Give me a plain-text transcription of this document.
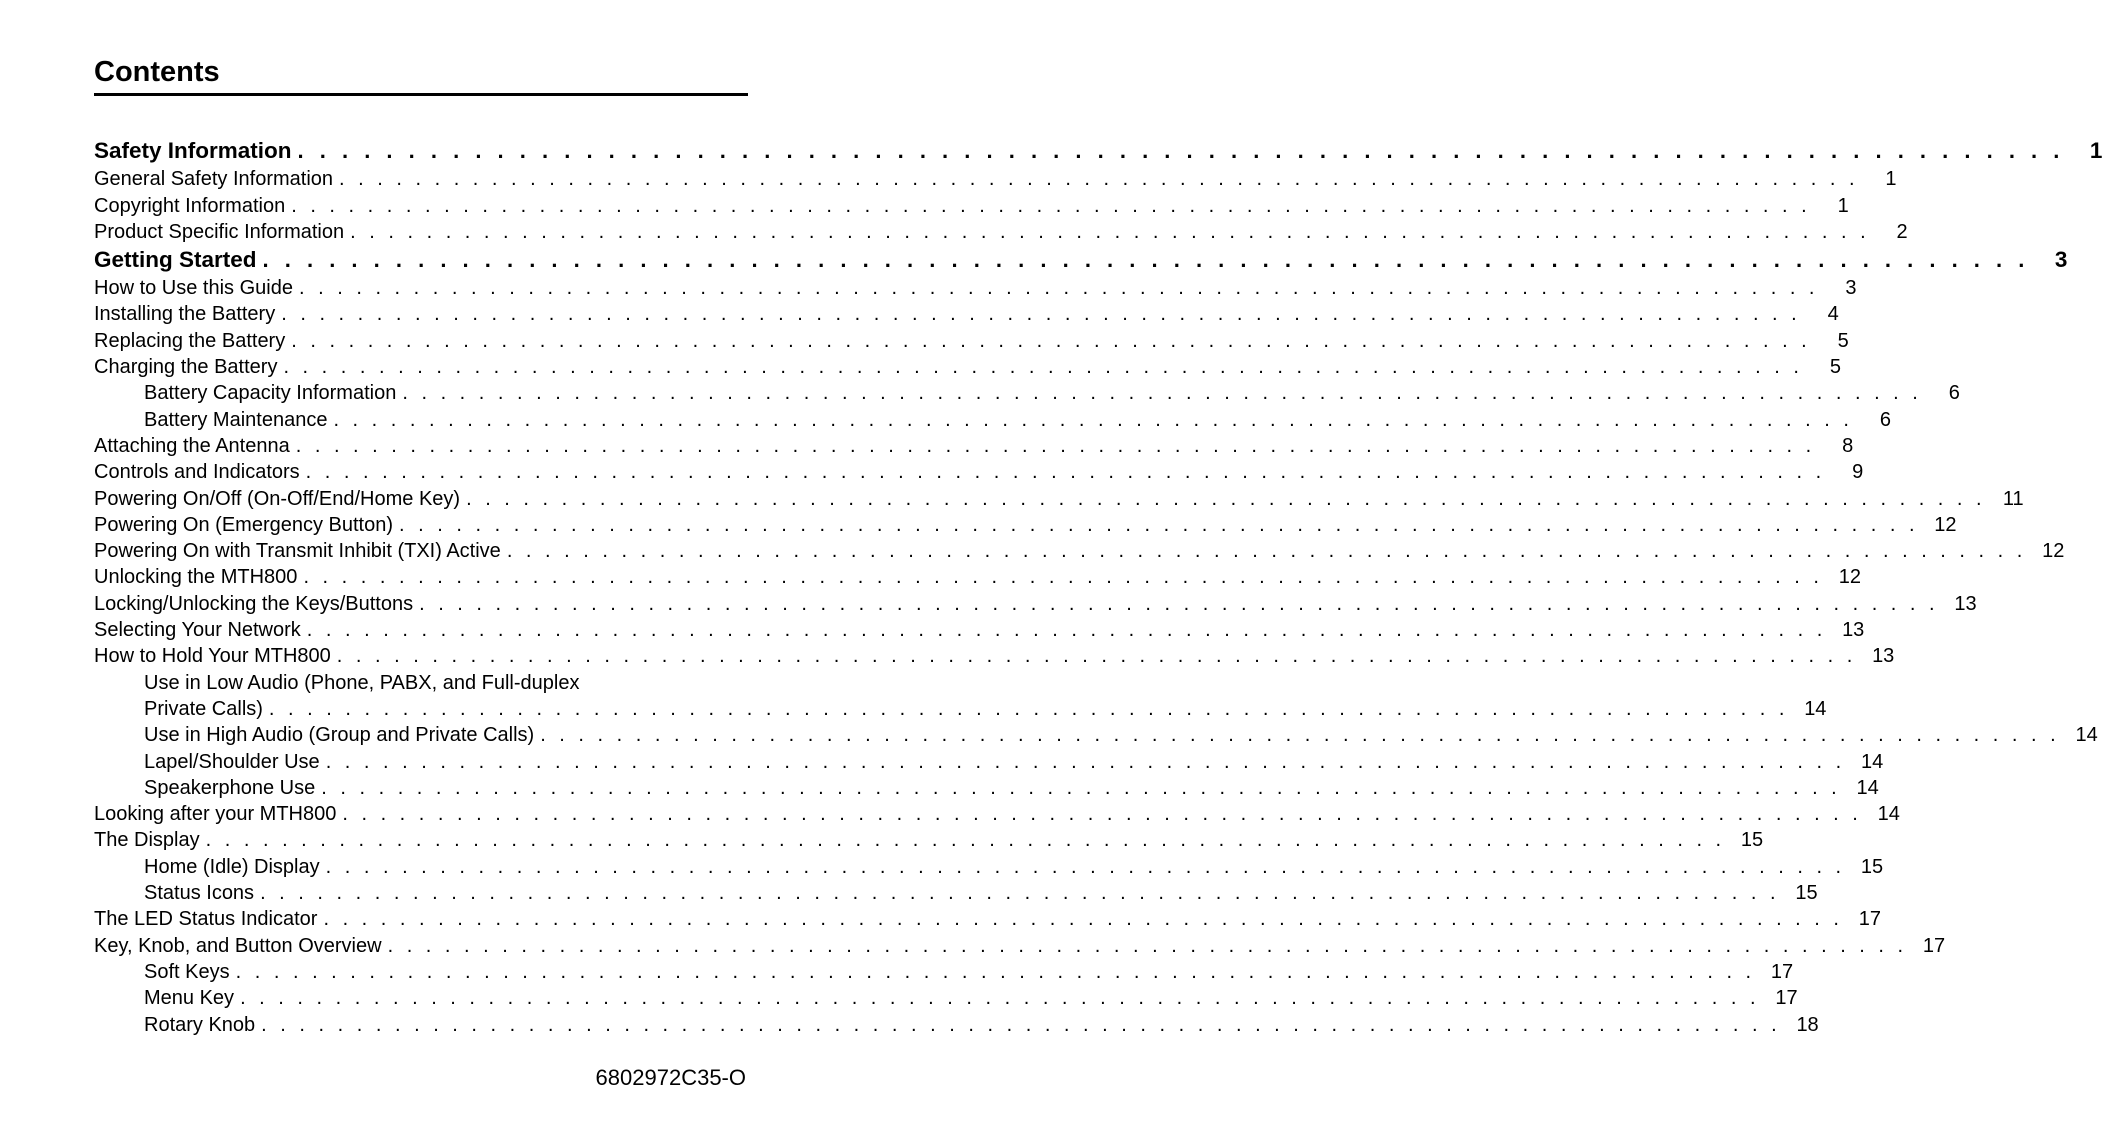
Contents
Safety Information . . . . . . . . . . . . . . . . . . . . . . . . . . . . . . . . . . . . . . . . . . . . . . . . . . . . . . . . . . . . . . . . . . . . . . . . . . . . . . . .	1
General Safety Information . . . . . . . . . . . . . . . . . . . . . . . . . . . . . . . . . . . . . . . . . . . . . . . . . . . . . . . . . . . . . . . . . . . . . . . . . . . . . . . .	1
Copyright Information . . . . . . . . . . . . . . . . . . . . . . . . . . . . . . . . . . . . . . . . . . . . . . . . . . . . . . . . . . . . . . . . . . . . . . . . . . . . . . . .	1
Product Specific Information . . . . . . . . . . . . . . . . . . . . . . . . . . . . . . . . . . . . . . . . . . . . . . . . . . . . . . . . . . . . . . . . . . . . . . . . . . . . . . . .	2
Getting Started . . . . . . . . . . . . . . . . . . . . . . . . . . . . . . . . . . . . . . . . . . . . . . . . . . . . . . . . . . . . . . . . . . . . . . . . . . . . . . . .	3
How to Use this Guide . . . . . . . . . . . . . . . . . . . . . . . . . . . . . . . . . . . . . . . . . . . . . . . . . . . . . . . . . . . . . . . . . . . . . . . . . . . . . . . .	3
Installing the Battery . . . . . . . . . . . . . . . . . . . . . . . . . . . . . . . . . . . . . . . . . . . . . . . . . . . . . . . . . . . . . . . . . . . . . . . . . . . . . . . .	4
Replacing the Battery . . . . . . . . . . . . . . . . . . . . . . . . . . . . . . . . . . . . . . . . . . . . . . . . . . . . . . . . . . . . . . . . . . . . . . . . . . . . . . . .	5
Charging the Battery . . . . . . . . . . . . . . . . . . . . . . . . . . . . . . . . . . . . . . . . . . . . . . . . . . . . . . . . . . . . . . . . . . . . . . . . . . . . . . . .	5
Battery Capacity Information . . . . . . . . . . . . . . . . . . . . . . . . . . . . . . . . . . . . . . . . . . . . . . . . . . . . . . . . . . . . . . . . . . . . . . . . . . . . . . . .	6
Battery Maintenance . . . . . . . . . . . . . . . . . . . . . . . . . . . . . . . . . . . . . . . . . . . . . . . . . . . . . . . . . . . . . . . . . . . . . . . . . . . . . . . .	6
Attaching the Antenna . . . . . . . . . . . . . . . . . . . . . . . . . . . . . . . . . . . . . . . . . . . . . . . . . . . . . . . . . . . . . . . . . . . . . . . . . . . . . . . .	8
Controls and Indicators . . . . . . . . . . . . . . . . . . . . . . . . . . . . . . . . . . . . . . . . . . . . . . . . . . . . . . . . . . . . . . . . . . . . . . . . . . . . . . . .	9
Powering On/Off (On-Off/End/Home Key) . . . . . . . . . . . . . . . . . . . . . . . . . . . . . . . . . . . . . . . . . . . . . . . . . . . . . . . . . . . . . . . . . . . . . . . . . . . . . . . . 11
Powering On (Emergency Button) . . . . . . . . . . . . . . . . . . . . . . . . . . . . . . . . . . . . . . . . . . . . . . . . . . . . . . . . . . . . . . . . . . . . . . . . . . . . . . . . 12
Powering On with Transmit Inhibit (TXI) Active . . . . . . . . . . . . . . . . . . . . . . . . . . . . . . . . . . . . . . . . . . . . . . . . . . . . . . . . . . . . . . . . . . . . . . . . . . . . . . . . 12
Unlocking the MTH800 . . . . . . . . . . . . . . . . . . . . . . . . . . . . . . . . . . . . . . . . . . . . . . . . . . . . . . . . . . . . . . . . . . . . . . . . . . . . . . . . 12
Locking/Unlocking the Keys/Buttons . . . . . . . . . . . . . . . . . . . . . . . . . . . . . . . . . . . . . . . . . . . . . . . . . . . . . . . . . . . . . . . . . . . . . . . . . . . . . . . . 13
Selecting Your Network . . . . . . . . . . . . . . . . . . . . . . . . . . . . . . . . . . . . . . . . . . . . . . . . . . . . . . . . . . . . . . . . . . . . . . . . . . . . . . . . 13
How to Hold Your MTH800 . . . . . . . . . . . . . . . . . . . . . . . . . . . . . . . . . . . . . . . . . . . . . . . . . . . . . . . . . . . . . . . . . . . . . . . . . . . . . . . . 13
Use in Low Audio (Phone, PABX, and Full-duplex
Private Calls) . . . . . . . . . . . . . . . . . . . . . . . . . . . . . . . . . . . . . . . . . . . . . . . . . . . . . . . . . . . . . . . . . . . . . . . . . . . . . . . . 14
Use in High Audio (Group and Private Calls) . . . . . . . . . . . . . . . . . . . . . . . . . . . . . . . . . . . . . . . . . . . . . . . . . . . . . . . . . . . . . . . . . . . . . . . . . . . . . . . . 14
Lapel/Shoulder Use . . . . . . . . . . . . . . . . . . . . . . . . . . . . . . . . . . . . . . . . . . . . . . . . . . . . . . . . . . . . . . . . . . . . . . . . . . . . . . . . 14
Speakerphone Use . . . . . . . . . . . . . . . . . . . . . . . . . . . . . . . . . . . . . . . . . . . . . . . . . . . . . . . . . . . . . . . . . . . . . . . . . . . . . . . . 14
Looking after your MTH800 . . . . . . . . . . . . . . . . . . . . . . . . . . . . . . . . . . . . . . . . . . . . . . . . . . . . . . . . . . . . . . . . . . . . . . . . . . . . . . . . 14
The Display . . . . . . . . . . . . . . . . . . . . . . . . . . . . . . . . . . . . . . . . . . . . . . . . . . . . . . . . . . . . . . . . . . . . . . . . . . . . . . . . 15
Home (Idle) Display . . . . . . . . . . . . . . . . . . . . . . . . . . . . . . . . . . . . . . . . . . . . . . . . . . . . . . . . . . . . . . . . . . . . . . . . . . . . . . . . 15
Status Icons . . . . . . . . . . . . . . . . . . . . . . . . . . . . . . . . . . . . . . . . . . . . . . . . . . . . . . . . . . . . . . . . . . . . . . . . . . . . . . . . 15
The LED Status Indicator . . . . . . . . . . . . . . . . . . . . . . . . . . . . . . . . . . . . . . . . . . . . . . . . . . . . . . . . . . . . . . . . . . . . . . . . . . . . . . . . 17
Key, Knob, and Button Overview . . . . . . . . . . . . . . . . . . . . . . . . . . . . . . . . . . . . . . . . . . . . . . . . . . . . . . . . . . . . . . . . . . . . . . . . . . . . . . . . 17
Soft Keys . . . . . . . . . . . . . . . . . . . . . . . . . . . . . . . . . . . . . . . . . . . . . . . . . . . . . . . . . . . . . . . . . . . . . . . . . . . . . . . . 17
Menu Key . . . . . . . . . . . . . . . . . . . . . . . . . . . . . . . . . . . . . . . . . . . . . . . . . . . . . . . . . . . . . . . . . . . . . . . . . . . . . . . . 17
Rotary Knob . . . . . . . . . . . . . . . . . . . . . . . . . . . . . . . . . . . . . . . . . . . . . . . . . . . . . . . . . . . . . . . . . . . . . . . . . . . . . . . . 18
6802972C35-O
